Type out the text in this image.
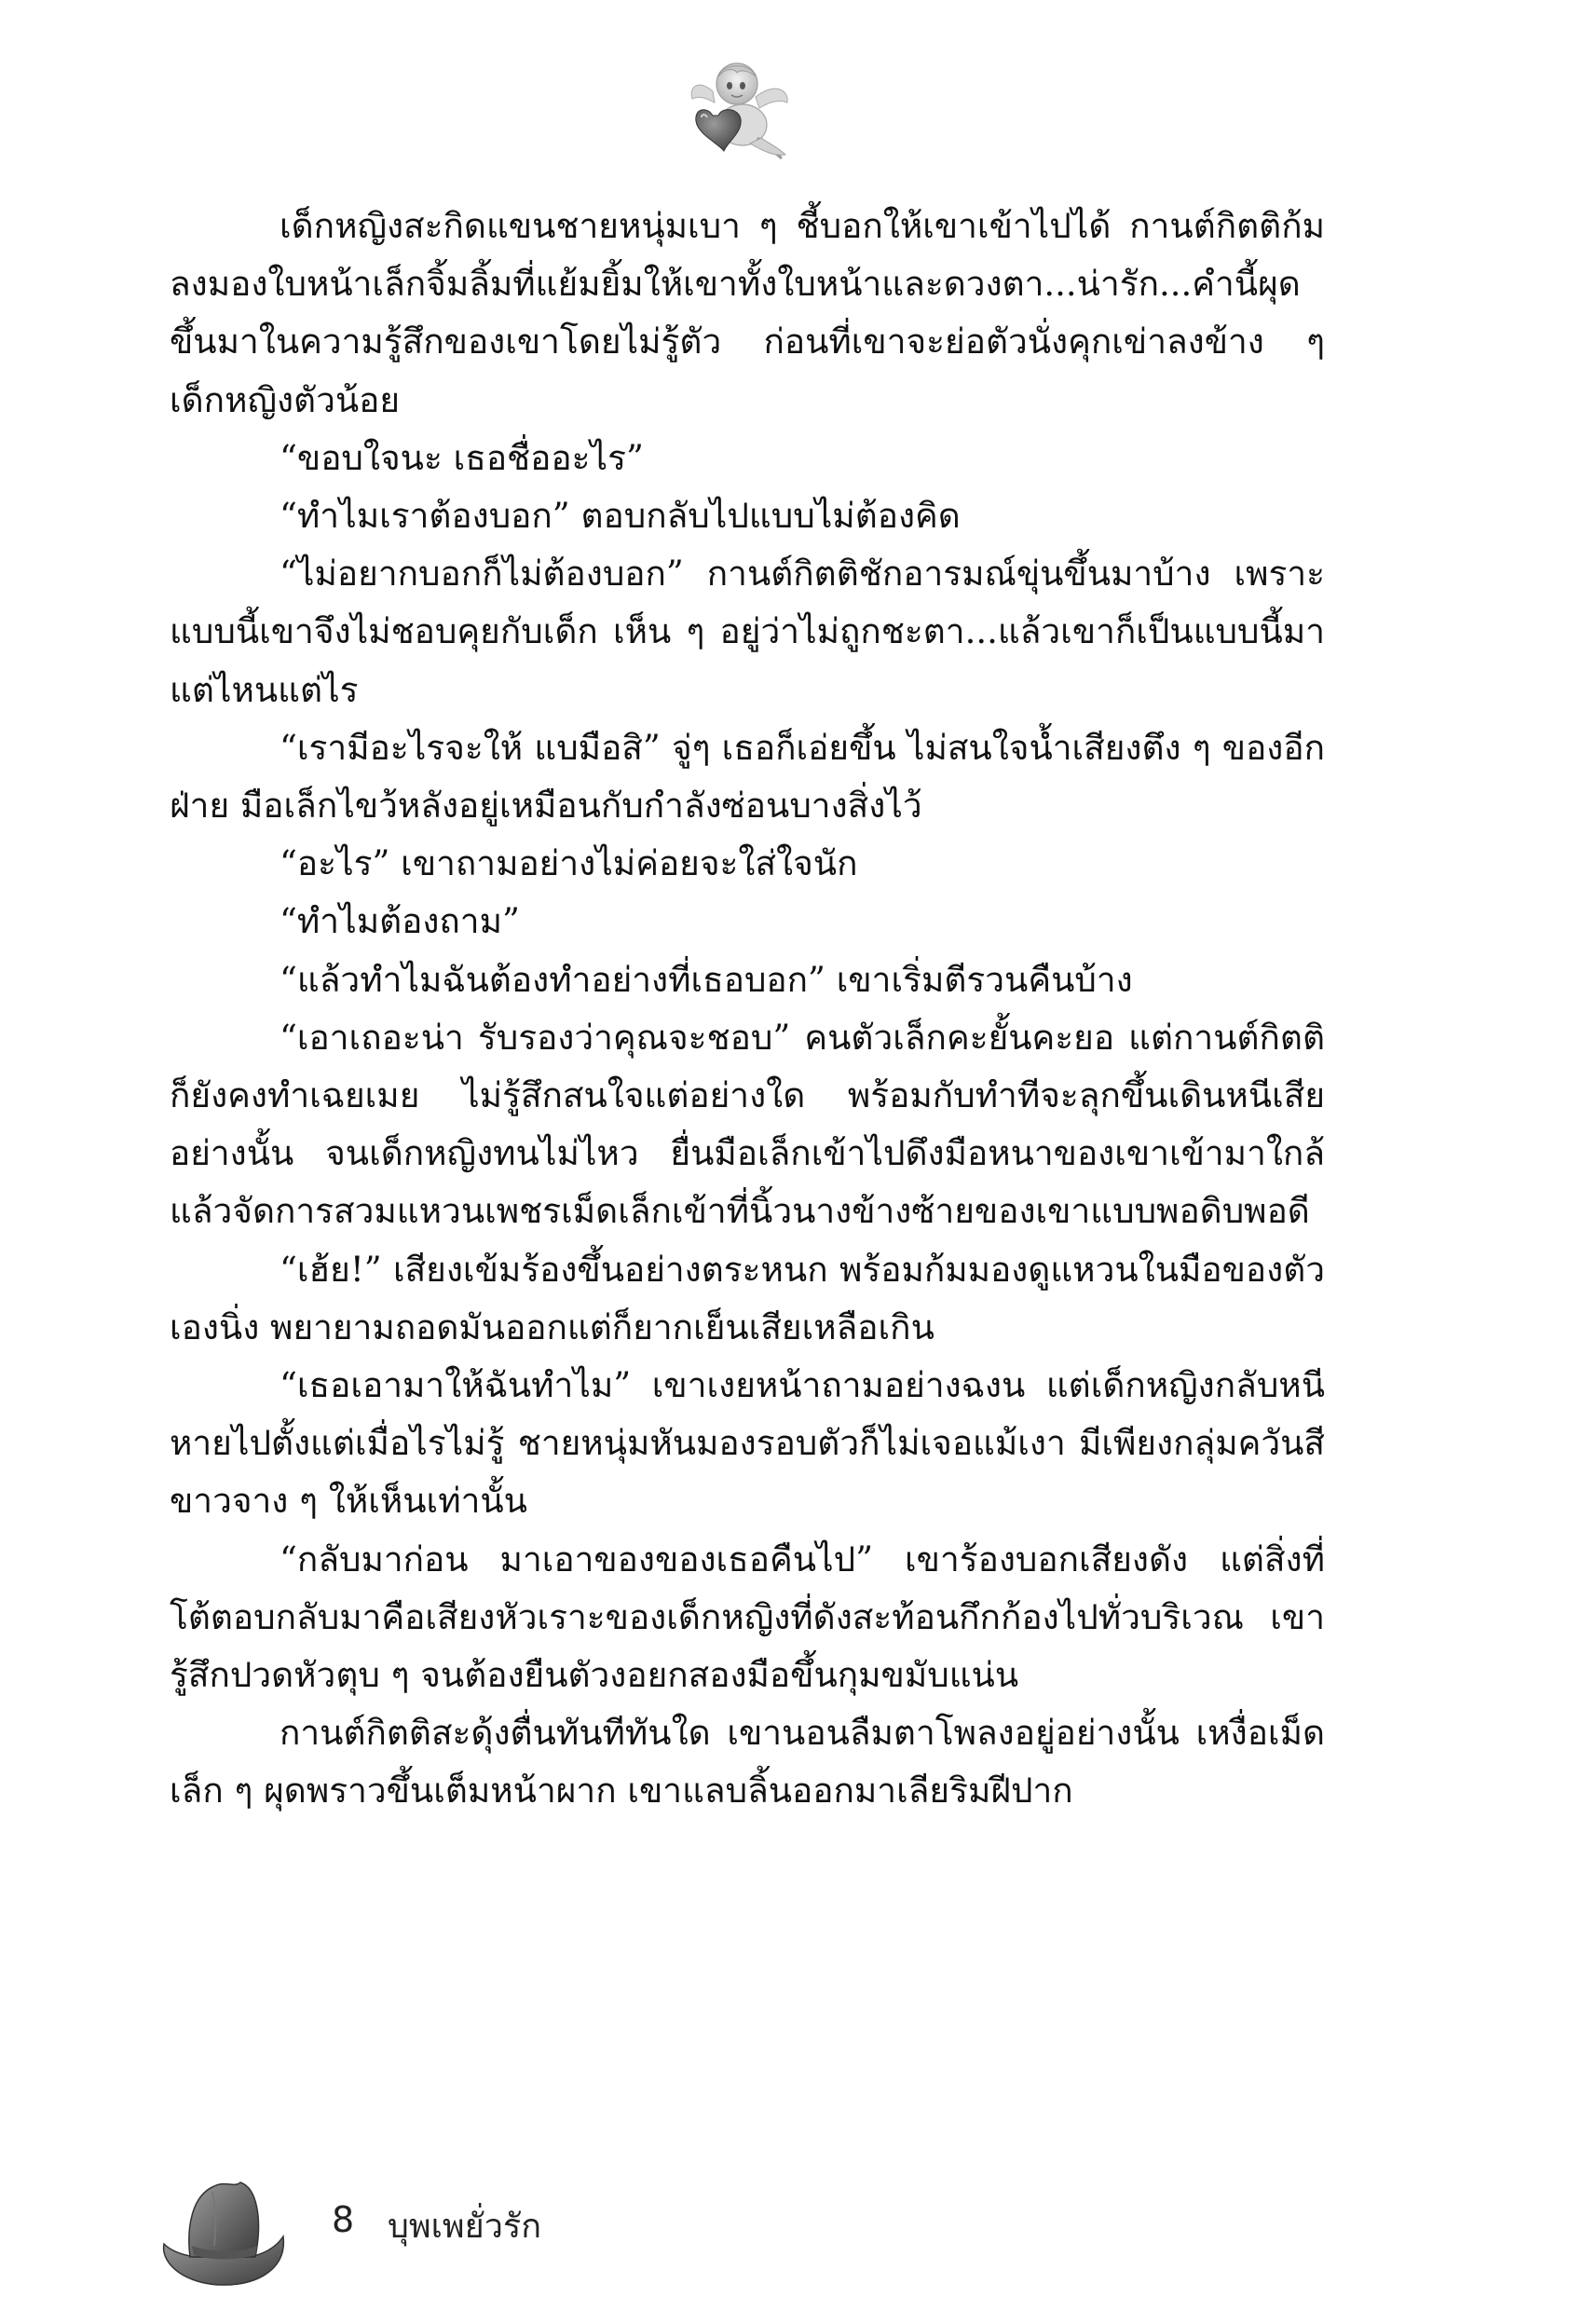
เด็กหญิงสะกิดแขนชายหนุ่มเบา ๆ ชี้บอกให้เขาเข้าไปได้ กานต์กิตติก้มลงมองใบหน้าเล็กจิ้มลิ้มที่แย้มยิ้มให้เขาทั้งใบหน้าและดวงตา...น่ารัก...คำนี้ผุดขึ้นมาในความรู้สึกของเขาโดยไม่รู้ตัว ก่อนที่เขาจะย่อตัวนั่งคุกเข่าลงข้าง ๆ เด็กหญิงตัวน้อย

“ขอบใจนะ เธอชื่ออะไร”

“ทำไมเราต้องบอก” ตอบกลับไปแบบไม่ต้องคิด

“ไม่อยากบอกก็ไม่ต้องบอก” กานต์กิตติชักอารมณ์ขุ่นขึ้นมาบ้าง เพราะแบบนี้เขาจึงไม่ชอบคุยกับเด็ก เห็น ๆ อยู่ว่าไม่ถูกชะตา...แล้วเขาก็เป็นแบบนี้มาแต่ไหนแต่ไร

“เรามีอะไรจะให้ แบมือสิ” จู่ๆ เธอก็เอ่ยขึ้น ไม่สนใจน้ำเสียงตึง ๆ ของอีกฝ่าย มือเล็กไขว้หลังอยู่เหมือนกับกำลังซ่อนบางสิ่งไว้

“อะไร” เขาถามอย่างไม่ค่อยจะใส่ใจนัก

“ทำไมต้องถาม”

“แล้วทำไมฉันต้องทำอย่างที่เธอบอก” เขาเริ่มตีรวนคืนบ้าง

“เอาเถอะน่า รับรองว่าคุณจะชอบ” คนตัวเล็กคะยั้นคะยอ แต่กานต์กิตติก็ยังคงทำเฉยเมย ไม่รู้สึกสนใจแต่อย่างใด พร้อมกับทำทีจะลุกขึ้นเดินหนีเสียอย่างนั้น จนเด็กหญิงทนไม่ไหว ยื่นมือเล็กเข้าไปดึงมือหนาของเขาเข้ามาใกล้ แล้วจัดการสวมแหวนเพชรเม็ดเล็กเข้าที่นิ้วนางข้างซ้ายของเขาแบบพอดิบพอดี

“เฮ้ย!” เสียงเข้มร้องขึ้นอย่างตระหนก พร้อมก้มมองดูแหวนในมือของตัวเองนิ่ง พยายามถอดมันออกแต่ก็ยากเย็นเสียเหลือเกิน

“เธอเอามาให้ฉันทำไม” เขาเงยหน้าถามอย่างฉงน แต่เด็กหญิงกลับหนีหายไปตั้งแต่เมื่อไรไม่รู้ ชายหนุ่มหันมองรอบตัวก็ไม่เจอแม้เงา มีเพียงกลุ่มควันสีขาวจาง ๆ ให้เห็นเท่านั้น

“กลับมาก่อน มาเอาของของเธอคืนไป” เขาร้องบอกเสียงดัง แต่สิ่งที่โต้ตอบกลับมาคือเสียงหัวเราะของเด็กหญิงที่ดังสะท้อนกึกก้องไปทั่วบริเวณ เขารู้สึกปวดหัวตุบ ๆ จนต้องยืนตัวงอยกสองมือขึ้นกุมขมับแน่น

กานต์กิตติสะดุ้งตื่นทันทีทันใด เขานอนลืมตาโพลงอยู่อย่างนั้น เหงื่อเม็ดเล็ก ๆ ผุดพราวขึ้นเต็มหน้าผาก เขาแลบลิ้นออกมาเลียริมฝีปาก

8 บุพเพยั่วรัก
